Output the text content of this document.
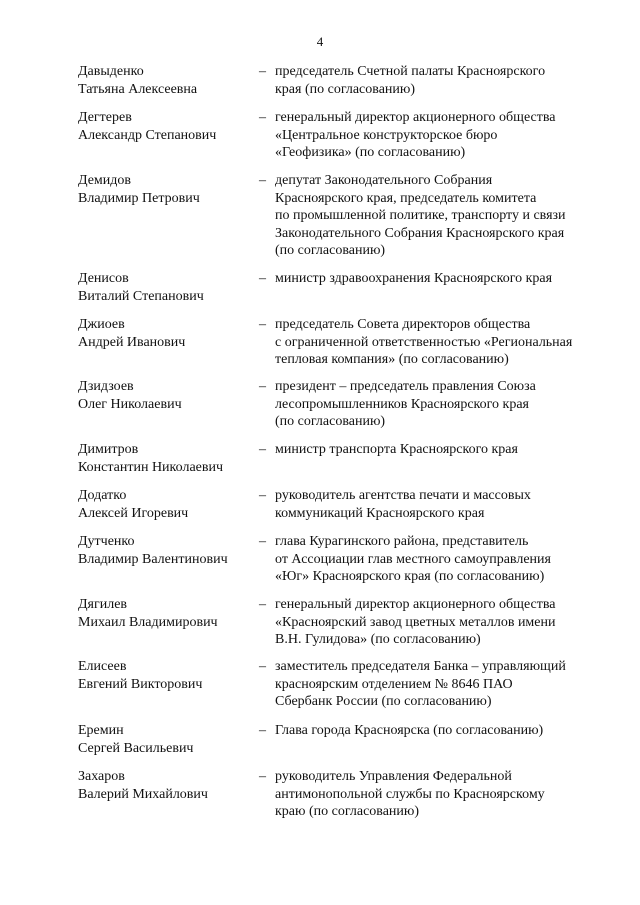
4
Давыденко
Татьяна Алексеевна
– председатель Счетной палаты Красноярского
края (по согласованию)
Дегтерев
Александр Степанович
– генеральный директор акционерного общества
«Центральное конструкторское бюро
«Геофизика» (по согласованию)
Демидов
Владимир Петрович
– депутат Законодательного Собрания
Красноярского края, председатель комитета
по промышленной политике, транспорту и связи
Законодательного Собрания Красноярского края
(по согласованию)
Денисов
Виталий Степанович
– министр здравоохранения Красноярского края
Джиоев
Андрей Иванович
– председатель Совета директоров общества
с ограниченной ответственностью «Региональная
тепловая компания» (по согласованию)
Дзидзоев
Олег Николаевич
– президент – председатель правления Союза
лесопромышленников Красноярского края
(по согласованию)
Димитров
Константин Николаевич
– министр транспорта Красноярского края
Додатко
Алексей Игоревич
– руководитель агентства печати и массовых
коммуникаций Красноярского края
Дутченко
Владимир Валентинович
– глава Курагинского района, представитель
от Ассоциации глав местного самоуправления
«Юг» Красноярского края (по согласованию)
Дягилев
Михаил Владимирович
– генеральный директор акционерного общества
«Красноярский завод цветных металлов имени
В.Н. Гулидова» (по согласованию)
Елисеев
Евгений Викторович
– заместитель председателя Банка – управляющий
красноярским отделением № 8646 ПАО
Сбербанк России (по согласованию)
Еремин
Сергей Васильевич
– Глава города Красноярска (по согласованию)
Захаров
Валерий Михайлович
– руководитель Управления Федеральной
антимонопольной службы по Красноярскому
краю (по согласованию)
